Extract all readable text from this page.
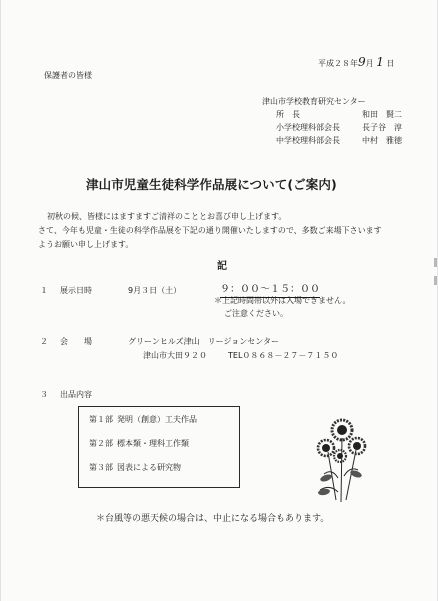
平成２８年9月 1 日
保護者の皆様
津山市学校教育研究センター
所　長	和田　賢二
小学校理科部会長	長子谷　淳
中学校理科部会長	中村　雅徳
津山市児童生徒科学作品展について(ご案内)
初秋の候、皆様にはますますご清祥のこととお喜び申し上げます。
さて、今年も児童・生徒の科学作品展を下記の通り開催いたしますので、多数ご来場下さいます
ようお願い申し上げます。
記
１ 展示日時	9月３日（土）	９：００～１５：００
＊上記時間帯以外は入場できません。
ご注意ください。
２ 会　　場	グリーンヒルズ津山　リージョンセンター
津山市大田９２０	TEL０８６８－２７－７１５０
３ 出品内容
第１部 発明（創意）工夫作品
第２部 標本類・理科工作類
第３部 図表による研究物
＊台風等の悪天候の場合は、中止になる場合もあります。
